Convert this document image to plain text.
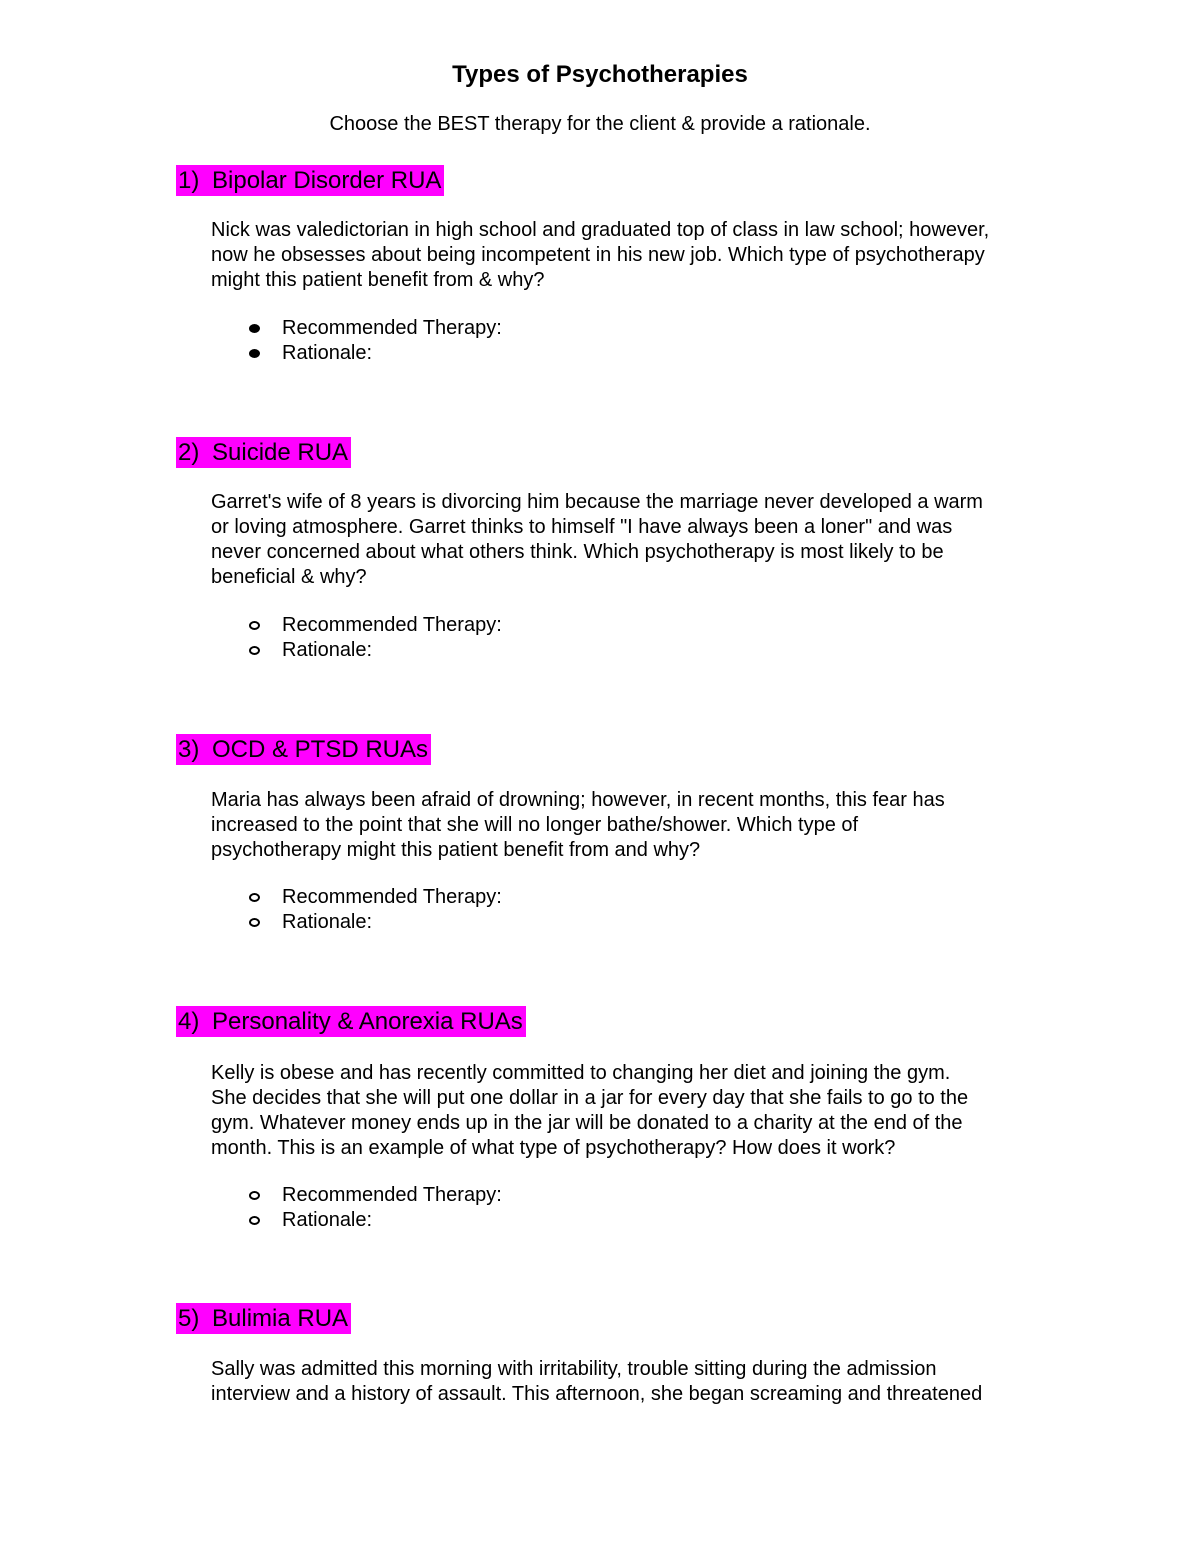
Types of Psychotherapies
Choose the BEST therapy for the client & provide a rationale.
1) Bipolar Disorder RUA
Nick was valedictorian in high school and graduated top of class in law school; however,
now he obsesses about being incompetent in his new job. Which type of psychotherapy
might this patient benefit from & why?
Recommended Therapy:
Rationale:
2) Suicide RUA
Garret's wife of 8 years is divorcing him because the marriage never developed a warm
or loving atmosphere. Garret thinks to himself "I have always been a loner" and was
never concerned about what others think. Which psychotherapy is most likely to be
beneficial & why?
Recommended Therapy:
Rationale:
3) OCD & PTSD RUAs
Maria has always been afraid of drowning; however, in recent months, this fear has
increased to the point that she will no longer bathe/shower. Which type of
psychotherapy might this patient benefit from and why?
Recommended Therapy:
Rationale:
4) Personality & Anorexia RUAs
Kelly is obese and has recently committed to changing her diet and joining the gym.
She decides that she will put one dollar in a jar for every day that she fails to go to the
gym. Whatever money ends up in the jar will be donated to a charity at the end of the
month. This is an example of what type of psychotherapy? How does it work?
Recommended Therapy:
Rationale:
5) Bulimia RUA
Sally was admitted this morning with irritability, trouble sitting during the admission
interview and a history of assault. This afternoon, she began screaming and threatened
